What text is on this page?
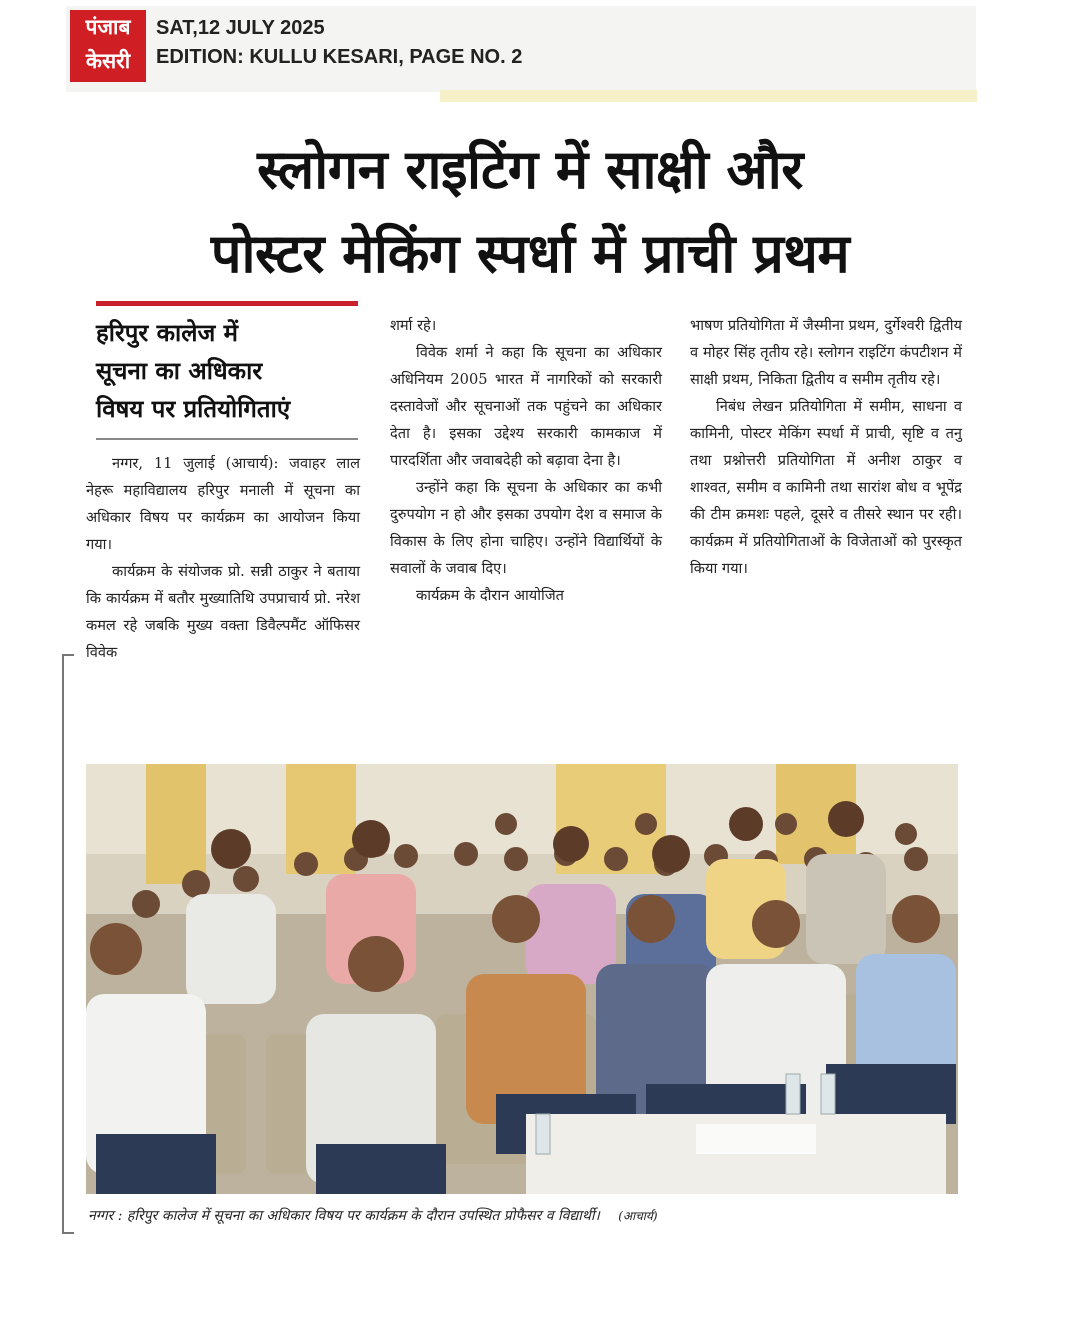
पंजाब
केसरी
SAT,12 JULY 2025
EDITION: KULLU KESARI, PAGE NO. 2
स्लोगन राइटिंग में साक्षी और
पोस्टर मेकिंग स्पर्धा में प्राची प्रथम
हरिपुर कालेज में
सूचना का अधिकार
विषय पर प्रतियोगिताएं

नग्गर, 11 जुलाई (आचार्य): जवाहर लाल नेहरू महाविद्यालय हरिपुर मनाली में सूचना का अधिकार विषय पर कार्यक्रम का आयोजन किया गया।

कार्यक्रम के संयोजक प्रो. सन्नी ठाकुर ने बताया कि कार्यक्रम में बतौर मुख्यातिथि उपप्राचार्य प्रो. नरेश कमल रहे जबकि मुख्य वक्ता डिवैल्पमैंट ऑफिसर विवेक

शर्मा रहे।

विवेक शर्मा ने कहा कि सूचना का अधिकार अधिनियम 2005 भारत में नागरिकों को सरकारी दस्तावेजों और सूचनाओं तक पहुंचने का अधिकार देता है। इसका उद्देश्य सरकारी कामकाज में पारदर्शिता और जवाबदेही को बढ़ावा देना है।

उन्होंने कहा कि सूचना के अधिकार का कभी दुरुपयोग न हो और इसका उपयोग देश व समाज के विकास के लिए होना चाहिए। उन्होंने विद्यार्थियों के सवालों के जवाब दिए।

कार्यक्रम के दौरान आयोजित

भाषण प्रतियोगिता में जैस्मीना प्रथम, दुर्गेश्वरी द्वितीय व मोहर सिंह तृतीय रहे। स्लोगन राइटिंग कंपटीशन में साक्षी प्रथम, निकिता द्वितीय व समीम तृतीय रहे।

निबंध लेखन प्रतियोगिता में समीम, साधना व कामिनी, पोस्टर मेकिंग स्पर्धा में प्राची, सृष्टि व तनु तथा प्रश्नोत्तरी प्रतियोगिता में अनीश ठाकुर व शाश्वत, समीम व कामिनी तथा सारांश बोध व भूपेंद्र की टीम क्रमशः पहले, दूसरे व तीसरे स्थान पर रही। कार्यक्रम में प्रतियोगिताओं के विजेताओं को पुरस्कृत किया गया।

नग्गर : हरिपुर कालेज में सूचना का अधिकार विषय पर कार्यक्रम के दौरान उपस्थित प्रोफैसर व विद्यार्थी। (आचार्य)
